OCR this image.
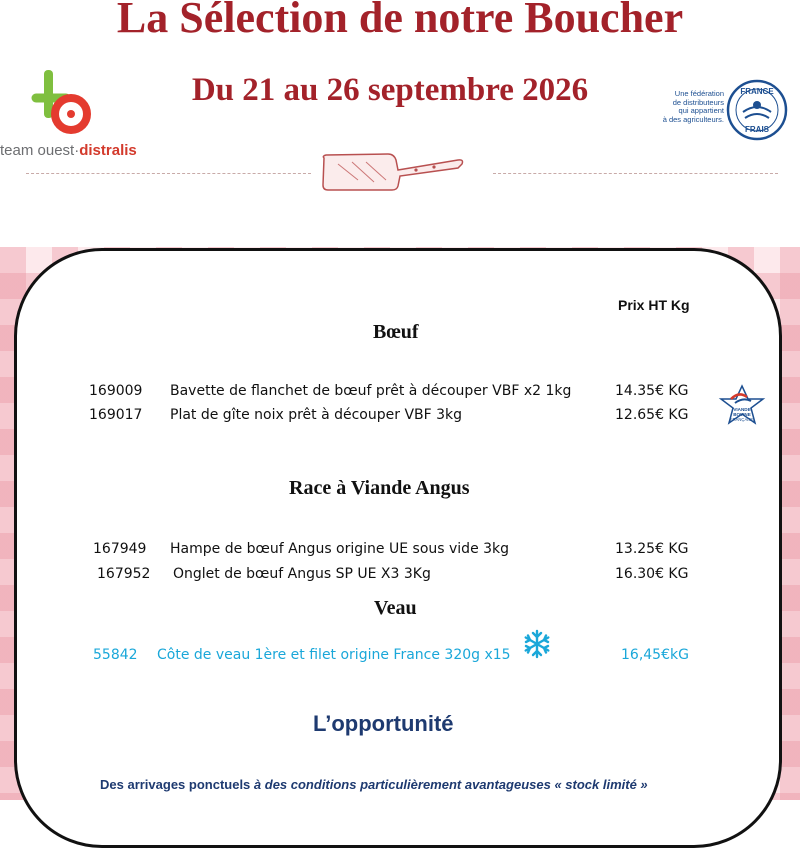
La Sélection de notre Boucher
Du 21 au 26 septembre 2026
team ouest·distralis
Une fédération
de distributeurs
qui appartient
à des agriculteurs.
FRANCE
FRAIS
Prix HT Kg
Bœuf
169009 Bavette de flanchet de bœuf prêt à découper VBF x2 1kg	14.35€ KG
169017 Plat de gîte noix prêt à découper VBF 3kg	12.65€ KG	VIANDE
BOVINE
FRANÇAISE
Race à Viande Angus
167949 Hampe de bœuf Angus origine UE sous vide 3kg	13.25€ KG
167952 Onglet de bœuf Angus SP UE X3 3Kg	16.30€ KG
Veau
55842 Côte de veau 1ère et filet origine France 320g x15	16,45€kG
L’opportunité
Des arrivages ponctuels à des conditions particulièrement avantageuses « stock limité »
